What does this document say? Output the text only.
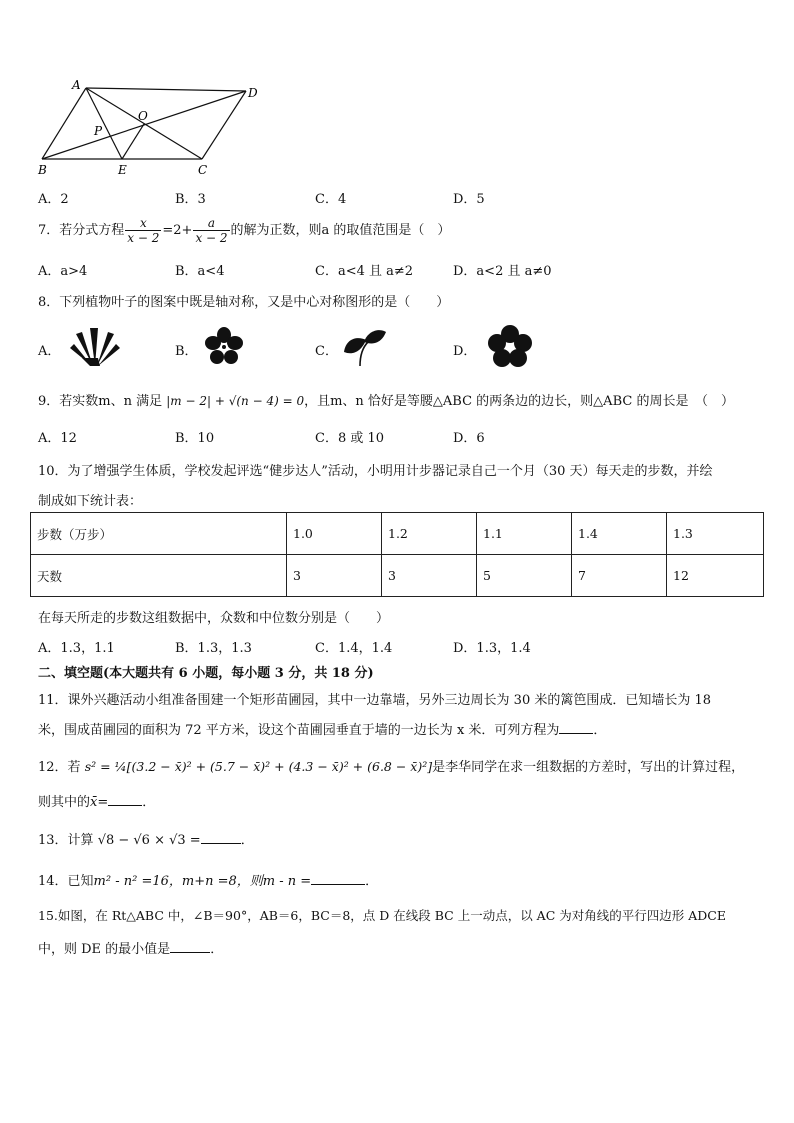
A
D
O
P
B	E	C
A．2	B．3	C．4	D．5
7．若分式方程 $\frac{x}{x - 2} =2+ \frac{a}{x - 2}$ 的解为正数，则a 的取值范围是（　）
A．a>4	B．a<4	C．a<4 且 a≠2	D．a<2 且 a≠0
8．下列植物叶子的图案中既是轴对称，又是中心对称图形的是（　　）
A．	B．	C．	D．
9．若实数m、n 满足 |m − 2| + √(n − 4) = 0，且m、n 恰好是等腰△ABC 的两条边的边长，则△ABC 的周长是　（　）
A．12	B．10	C．8 或 10	D．6
10．为了增强学生体质，学校发起评选“健步达人”活动，小明用计步器记录自己一个月（30 天）每天走的步数，并绘
制成如下统计表：
步数（万步）	1.0	1.2	1.1	1.4	1.3
天数	3	3	5	7	12
在每天所走的步数这组数据中，众数和中位数分别是（　　）
A．1.3，1.1	B．1.3，1.3	C．1.4，1.4	D．1.3，1.4
二、填空题(本大题共有 6 小题，每小题 3 分，共 18 分)
11．课外兴趣活动小组准备围建一个矩形苗圃园，其中一边靠墙，另外三边周长为 30 米的篱笆围成．已知墙长为 18
米，围成苗圃园的面积为 72 平方米，设这个苗圃园垂直于墙的一边长为 x 米．可列方程为	．
12．若 s² = ¼[(3.2 − x̄)² + (5.7 − x̄)² + (4.3 − x̄)² + (6.8 − x̄)²]是李华同学在求一组数据的方差时，写出的计算过程，
则其中的x̄=	．
13．计算 √8 − √6 × √3 =	．
14．已知m² - n² =16，m+n =8，则m - n =	．
15.如图，在 Rt△ABC 中，∠B＝90°，AB＝6，BC＝8，点 D 在线段 BC 上一动点，以 AC 为对角线的平行四边形 ADCE
中，则 DE 的最小值是	．
